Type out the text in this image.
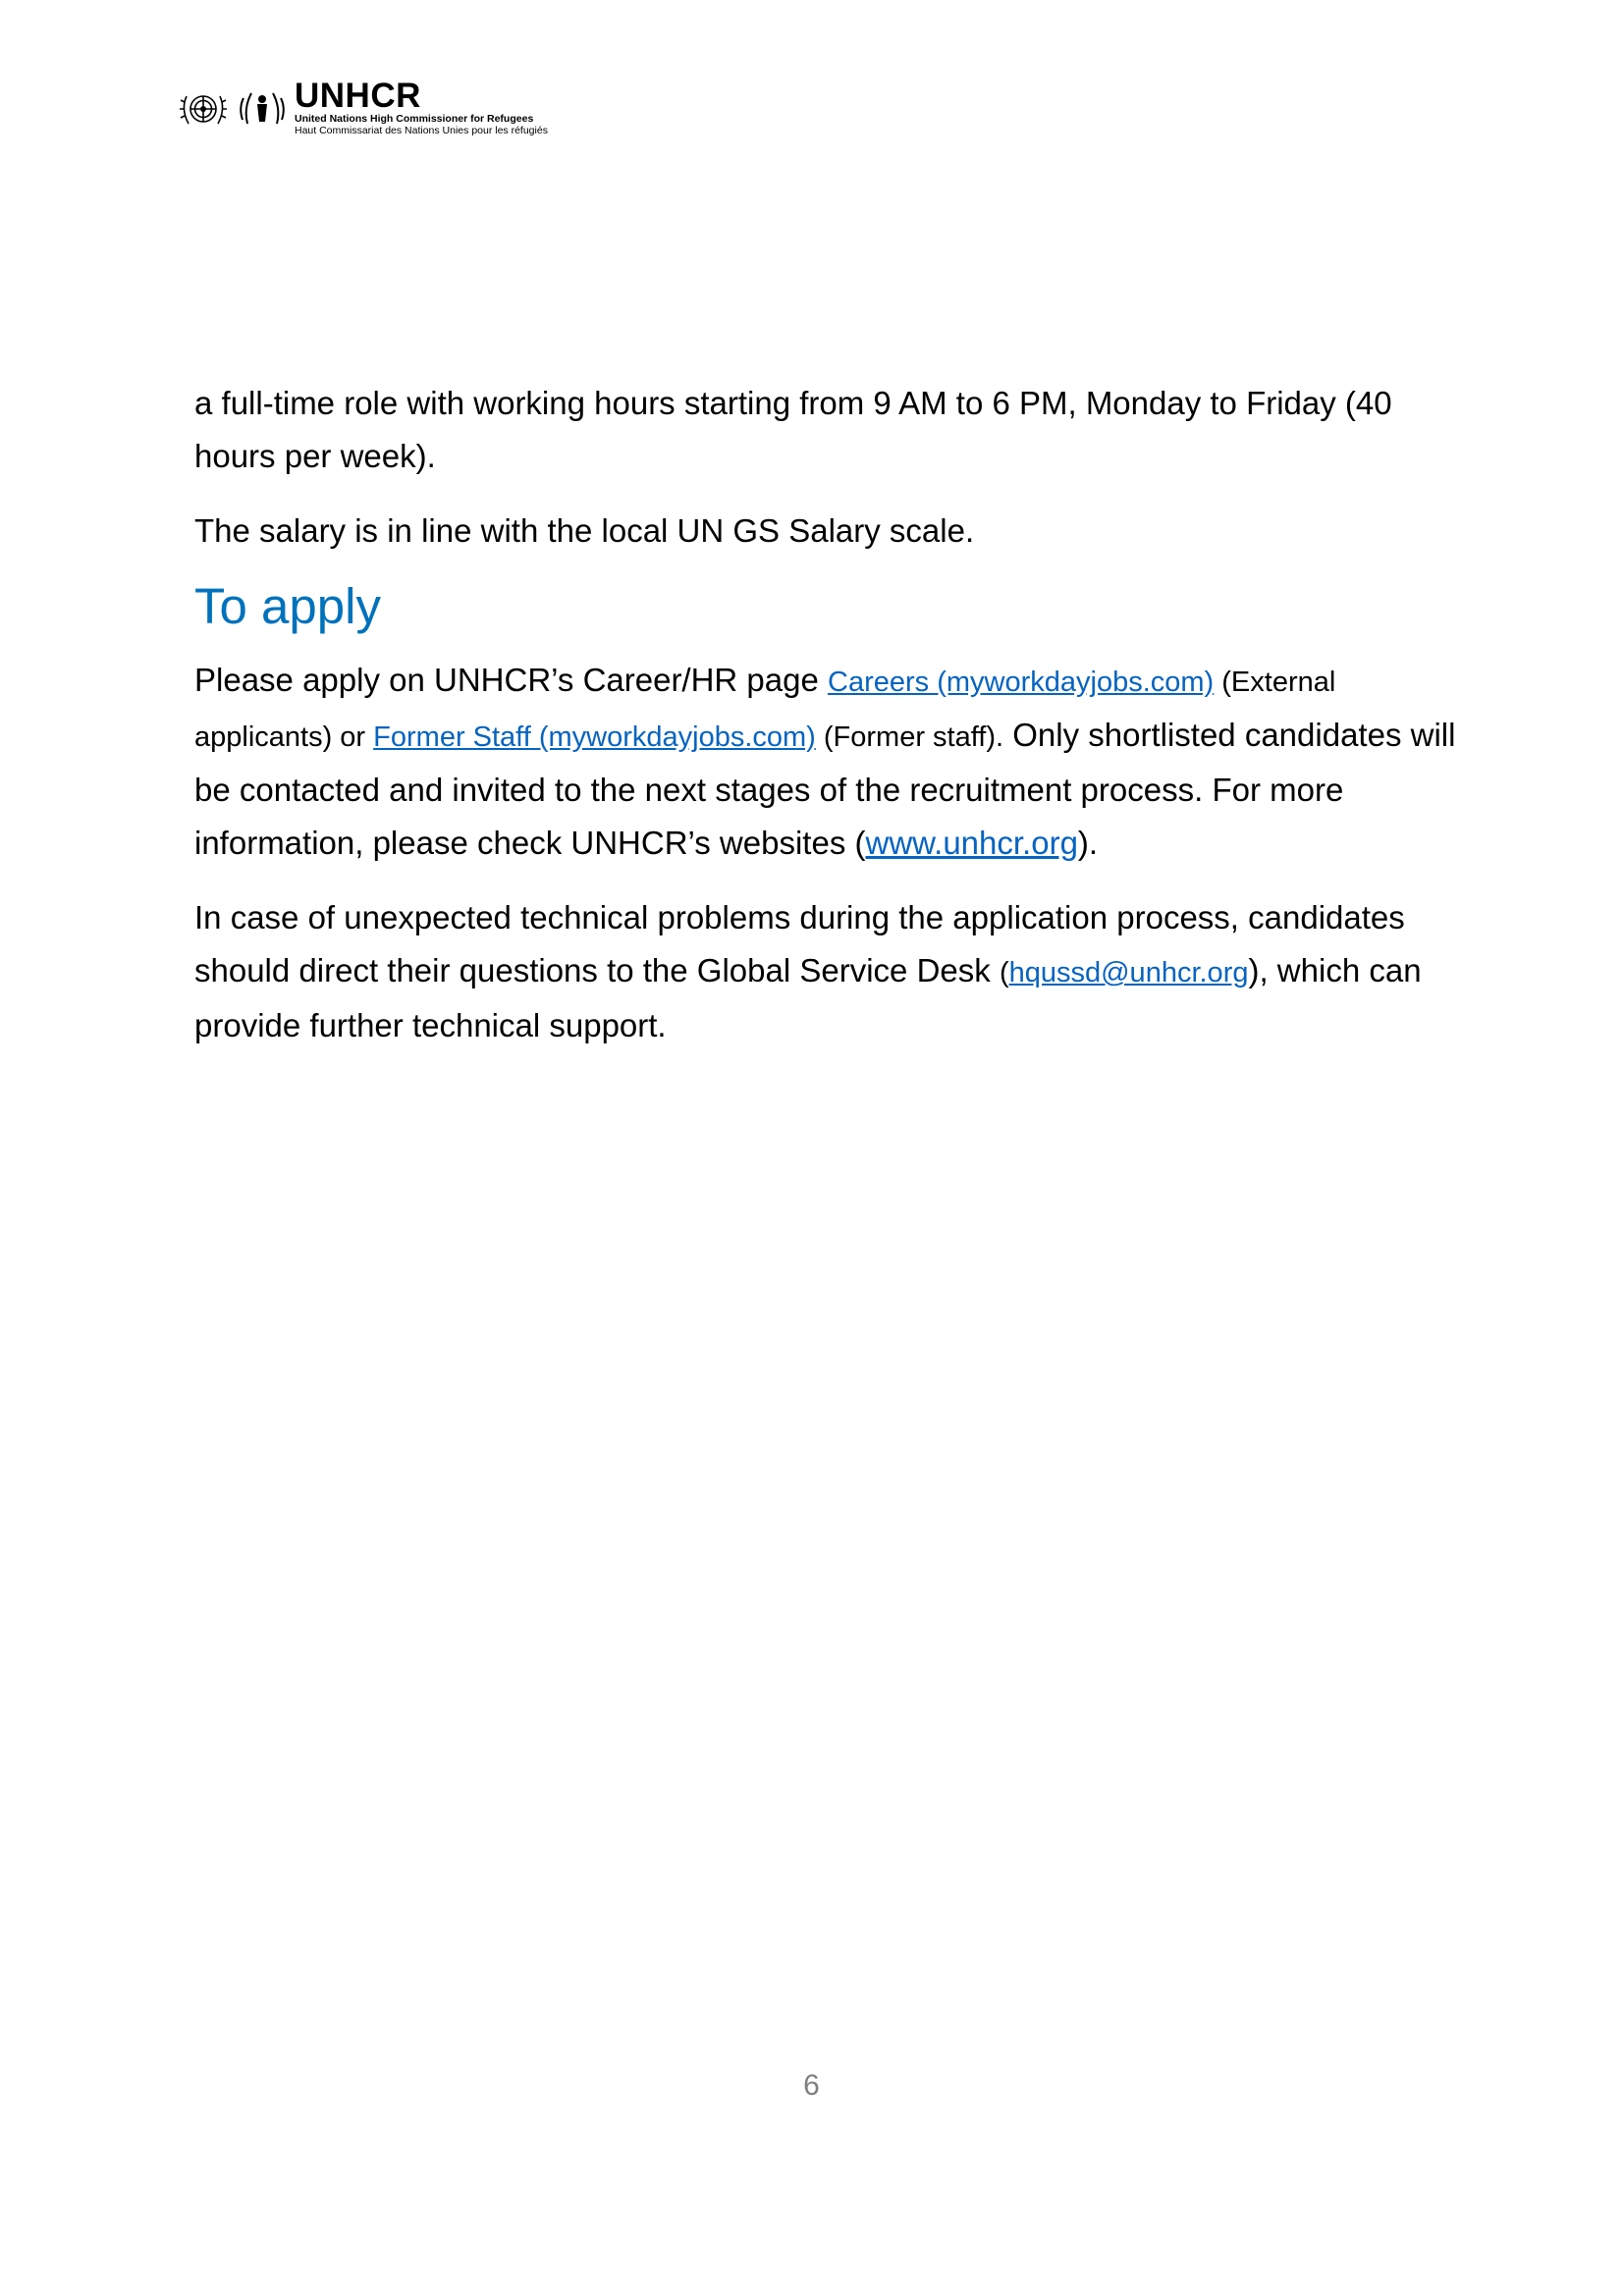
UNHCR
United Nations High Commissioner for Refugees
Haut Commissariat des Nations Unies pour les réfugiés

a full-time role with working hours starting from 9 AM to 6 PM, Monday to Friday (40 hours per week).

The salary is in line with the local UN GS Salary scale.

To apply

Please apply on UNHCR’s Career/HR page Careers (myworkdayjobs.com) (External applicants) or Former Staff (myworkdayjobs.com) (Former staff). Only shortlisted candidates will be contacted and invited to the next stages of the recruitment process. For more information, please check UNHCR’s websites (www.unhcr.org).

In case of unexpected technical problems during the application process, candidates should direct their questions to the Global Service Desk (hqussd@unhcr.org), which can provide further technical support.

6
